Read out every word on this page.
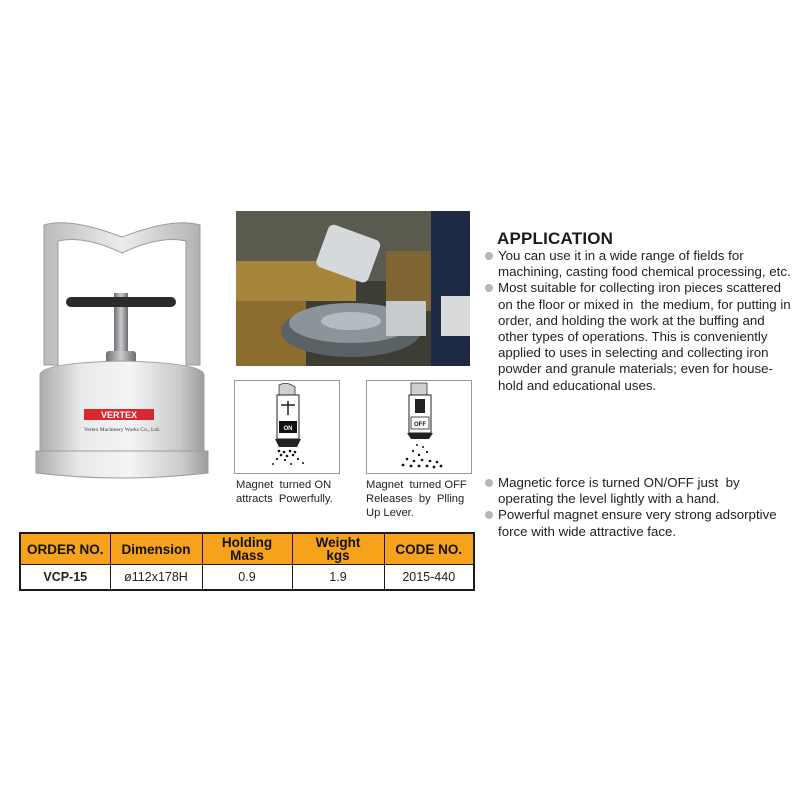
VERTEX
Vertex Machinery Works Co., Ltd.	ON
OFF
Magnet  turned ON
attracts  Powerfully.
Magnet  turned OFF
Releases  by  Plling
Up Lever.
ORDER NO.	Dimension	Holding Mass	Weight kgs	CODE NO.
VCP-15	ø112x178H	0.9	1.9	2015-440
APPLICATION
You can use it in a wide range of fields for machining, casting food chemical processing, etc.
Most suitable for collecting iron pieces scattered on the floor or mixed in  the medium, for putting in order, and holding the work at the buffing and other types of operations. This is conveniently applied to uses in selecting and collecting iron powder and granule materials; even for house-hold and educational uses.
Magnetic force is turned ON/OFF just  by operating the level lightly with a hand.
Powerful magnet ensure very strong adsorptive force with wide attractive face.
